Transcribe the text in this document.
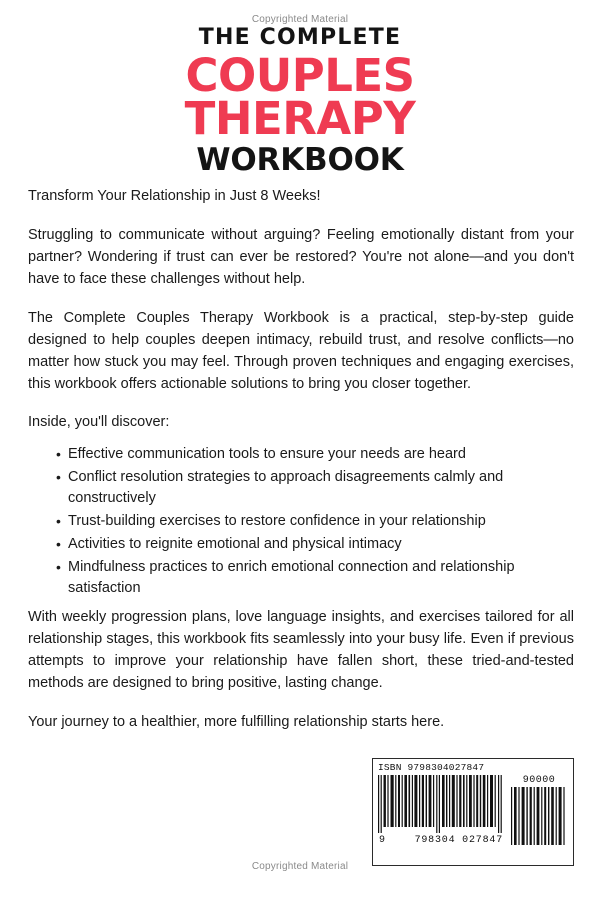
Copyrighted Material
THE COMPLETE
COUPLES
THERAPY
WORKBOOK
Transform Your Relationship in Just 8 Weeks!

Struggling to communicate without arguing? Feeling emotionally distant from your partner? Wondering if trust can ever be restored? You're not alone—and you don't have to face these challenges without help.

The Complete Couples Therapy Workbook is a practical, step-by-step guide designed to help couples deepen intimacy, rebuild trust, and resolve conflicts—no matter how stuck you may feel. Through proven techniques and engaging exercises, this workbook offers actionable solutions to bring you closer together.

Inside, you'll discover:
• Effective communication tools to ensure your needs are heard
• Conflict resolution strategies to approach disagreements calmly and constructively
• Trust-building exercises to restore confidence in your relationship
• Activities to reignite emotional and physical intimacy
• Mindfulness practices to enrich emotional connection and relationship satisfaction

With weekly progression plans, love language insights, and exercises tailored for all relationship stages, this workbook fits seamlessly into your busy life. Even if previous attempts to improve your relationship have fallen short, these tried-and-tested methods are designed to bring positive, lasting change.

Your journey to a healthier, more fulfilling relationship starts here.

ISBN 9798304027847
9	798304 027847
90000
Copyrighted Material
